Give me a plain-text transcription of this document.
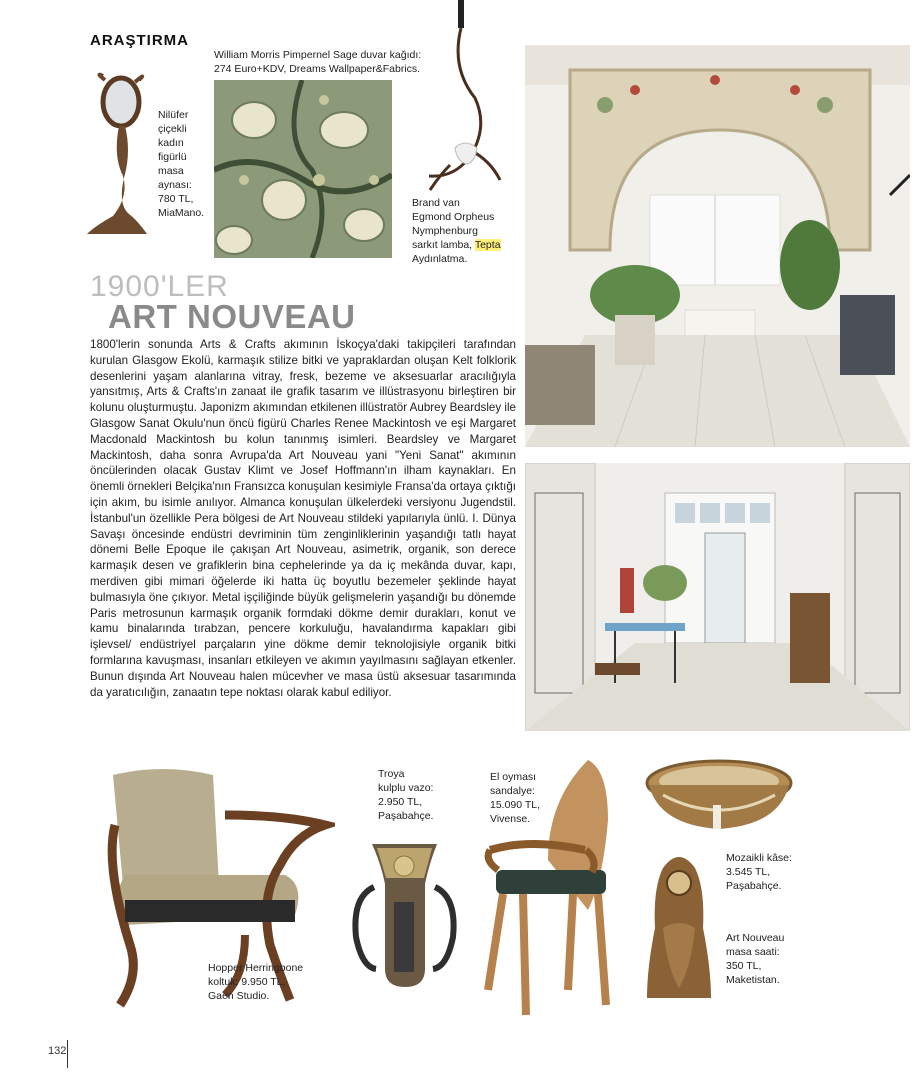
ARAŞTIRMA
Nilüfer
çiçekli
kadın
figürlü
masa
aynası:
780 TL,
MiaMano.
William Morris Pimpernel Sage duvar kağıdı:
274 Euro+KDV, Dreams Wallpaper&Fabrics.
Brand van
Egmond Orpheus
Nymphenburg
sarkıt lamba, Tepta
Aydınlatma.
1900'LER
ART NOUVEAU
1800'lerin sonunda Arts & Crafts akımının İskoçya'daki takipçileri tarafından kurulan Glasgow Ekolü, karmaşık stilize bitki ve yapraklardan oluşan Kelt folklorik desenlerini yaşam alanlarına vitray, fresk, bezeme ve aksesuarlar aracılığıyla yansıtmış, Arts & Crafts'ın zanaat ile grafik tasarım ve illüstrasyonu birleştiren bir kolunu oluşturmuştu. Japonizm akımından etkilenen illüstratör Aubrey Beardsley ile Glasgow Sanat Okulu'nun öncü figürü Charles Renee Mackintosh ve eşi Margaret Macdonald Mackintosh bu kolun tanınmış isimleri. Beardsley ve Margaret Mackintosh, daha sonra Avrupa'da Art Nouveau yani "Yeni Sanat" akımının öncülerinden olacak Gustav Klimt ve Josef Hoffmann'ın ilham kaynakları. En önemli örnekleri Belçika'nın Fransızca konuşulan kesimiyle Fransa'da ortaya çıktığı için akım, bu isimle anılıyor. Almanca konuşulan ülkelerdeki versiyonu Jugendstil. İstanbul'un özellikle Pera bölgesi de Art Nouveau stildeki yapılarıyla ünlü. I. Dünya Savaşı öncesinde endüstri devriminin tüm zenginliklerinin yaşandığı tatlı hayat dönemi Belle Epoque ile çakışan Art Nouveau, asimetrik, organik, son derece karmaşık desen ve grafiklerin bina cephelerinde ya da iç mekânda duvar, kapı, merdiven gibi mimari öğelerde iki hatta üç boyutlu bezemeler şeklinde hayat bulmasıyla öne çıkıyor. Metal işçiliğinde büyük gelişmelerin yaşandığı bu dönemde Paris metrosunun karmaşık organik formdaki dökme demir durakları, konut ve kamu binalarında tırabzan, pencere korkuluğu, havalandırma kapakları gibi işlevsel/ endüstriyel parçaların yine dökme demir teknolojisiyle organik bitki formlarına kavuşması, insanları etkileyen ve akımın yayılmasını sağlayan etkenler. Bunun dışında Art Nouveau halen mücevher ve masa üstü aksesuar tasarımında da yaratıcılığın, zanaatın tepe noktası olarak kabul ediliyor.
Hopper Herringbone
koltuk: 9.950 TL,
Gaen Studio.
Troya
kulplu vazo:
2.950 TL,
Paşabahçe.
El oyması
sandalye:
15.090 TL,
Vivense.
Mozaikli kâse:
3.545 TL,
Paşabahçe.
Art Nouveau
masa saati:
350 TL,
Maketistan.
132
